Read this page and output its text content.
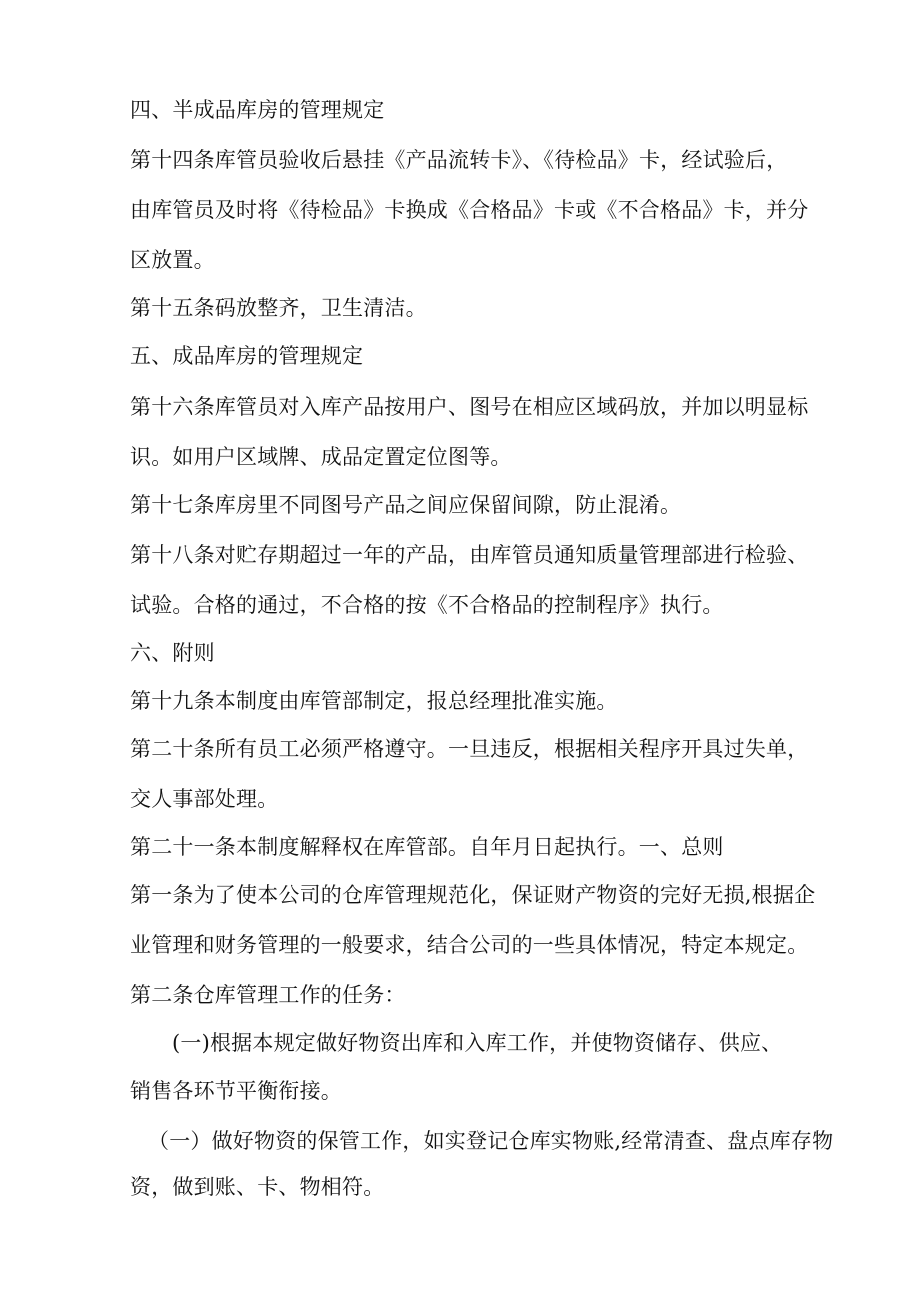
四、半成品库房的管理规定

第十四条库管员验收后悬挂《产品流转卡》、《待检品》卡，经试验后，

由库管员及时将《待检品》卡换成《合格品》卡或《不合格品》卡，并分

区放置。

第十五条码放整齐，卫生清洁。

五、成品库房的管理规定

第十六条库管员对入库产品按用户、图号在相应区域码放，并加以明显标

识。如用户区域牌、成品定置定位图等。

第十七条库房里不同图号产品之间应保留间隙，防止混淆。

第十八条对贮存期超过一年的产品，由库管员通知质量管理部进行检验、

试验。合格的通过，不合格的按《不合格品的控制程序》执行。

六、附则

第十九条本制度由库管部制定，报总经理批准实施。

第二十条所有员工必须严格遵守。一旦违反，根据相关程序开具过失单，

交人事部处理。

第二十一条本制度解释权在库管部。自年月日起执行。一、总则

第一条为了使本公司的仓库管理规范化，保证财产物资的完好无损,根据企

业管理和财务管理的一般要求，结合公司的一些具体情况，特定本规定。

第二条仓库管理工作的任务：

(一)根据本规定做好物资出库和入库工作，并使物资储存、供应、

销售各环节平衡衔接。

（一）做好物资的保管工作，如实登记仓库实物账,经常清查、盘点库存物

资，做到账、卡、物相符。
